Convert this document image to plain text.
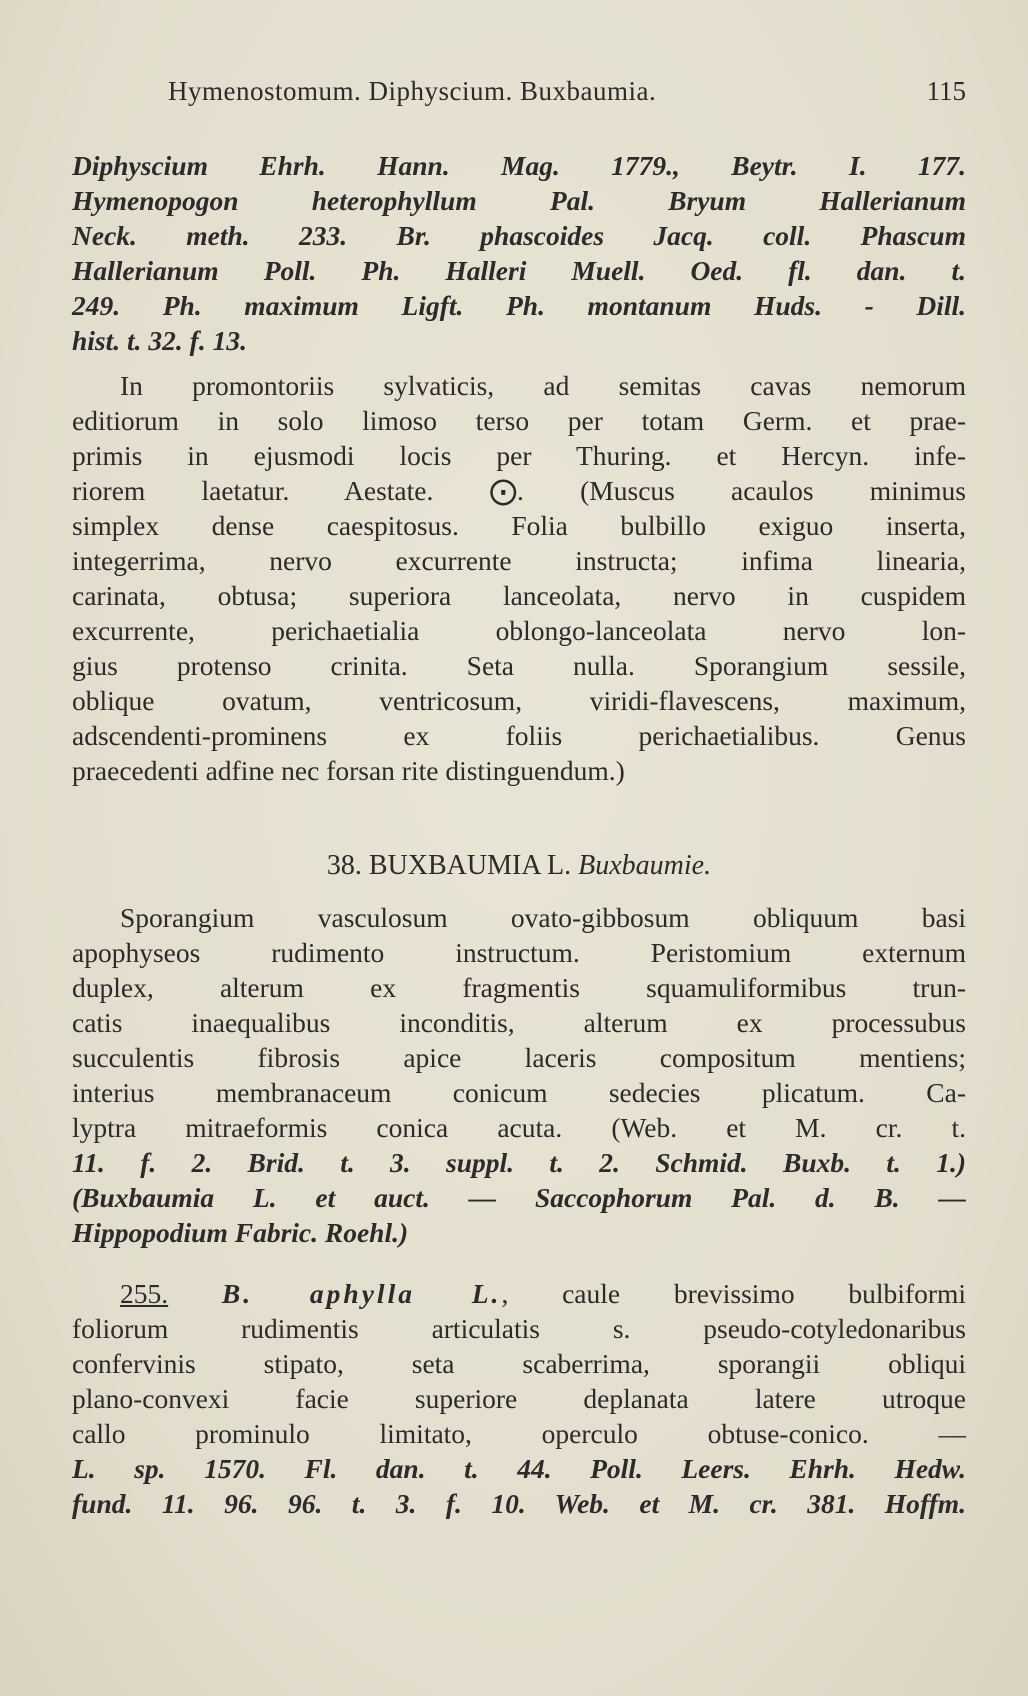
Hymenostomum. Diphyscium. Buxbaumia.	115
Diphyscium Ehrh. Hann. Mag. 1779., Beytr. I. 177.
Hymenopogon heterophyllum Pal. Bryum Hallerianum
Neck. meth. 233. Br. phascoides Jacq. coll. Phascum
Hallerianum Poll. Ph. Halleri Muell. Oed. fl. dan. t.
249. Ph. maximum Ligft. Ph. montanum Huds. - Dill.
hist. t. 32. f. 13.
In promontoriis sylvaticis, ad semitas cavas nemorum
editiorum in solo limoso terso per totam Germ. et prae-
primis in ejusmodi locis per Thuring. et Hercyn. infe-
riorem laetatur. Aestate. ⨀. (Muscus acaulos minimus
simplex dense caespitosus. Folia bulbillo exiguo inserta,
integerrima, nervo excurrente instructa; infima linearia,
carinata, obtusa; superiora lanceolata, nervo in cuspidem
excurrente, perichaetialia oblongo-lanceolata nervo lon-
gius protenso crinita. Seta nulla. Sporangium sessile,
oblique ovatum, ventricosum, viridi-flavescens, maximum,
adscendenti-prominens ex foliis perichaetialibus. Genus
praecedenti adfine nec forsan rite distinguendum.)
38. BUXBAUMIA L. Buxbaumie.
Sporangium vasculosum ovato-gibbosum obliquum basi
apophyseos rudimento instructum. Peristomium externum
duplex, alterum ex fragmentis squamuliformibus trun-
catis inaequalibus inconditis, alterum ex processubus
succulentis fibrosis apice laceris compositum mentiens;
interius membranaceum conicum sedecies plicatum. Ca-
lyptra mitraeformis conica acuta. (Web. et M. cr. t.
11. f. 2. Brid. t. 3. suppl. t. 2. Schmid. Buxb. t. 1.)
(Buxbaumia L. et auct. — Saccophorum Pal. d. B. —
Hippopodium Fabric. Roehl.)
255. B. aphylla L., caule brevissimo bulbiformi
foliorum rudimentis articulatis s. pseudo-cotyledonaribus
confervinis stipato, seta scaberrima, sporangii obliqui
plano-convexi facie superiore deplanata latere utroque
callo prominulo limitato, operculo obtuse-conico. —
L. sp. 1570. Fl. dan. t. 44. Poll. Leers. Ehrh. Hedw.
fund. 11. 96. 96. t. 3. f. 10. Web. et M. cr. 381. Hoffm.
